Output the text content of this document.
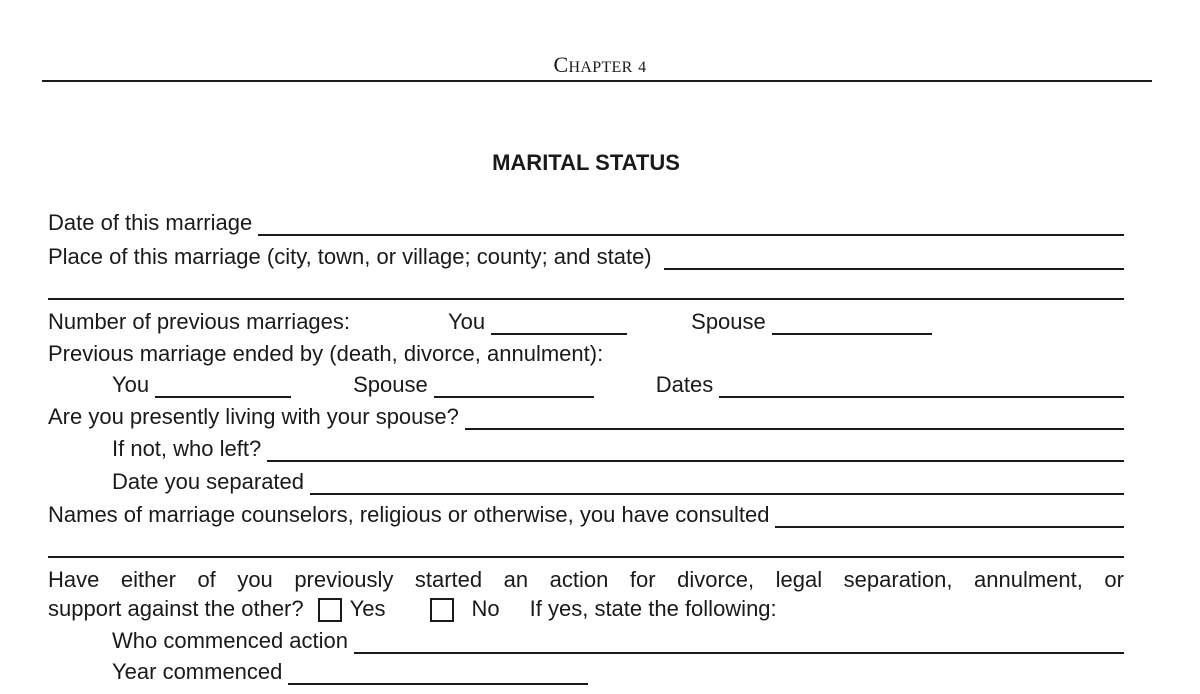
CHAPTER 4
MARITAL STATUS
Date of this marriage
Place of this marriage (city, town, or village; county; and state)
Number of previous marriages:	You	Spouse
Previous marriage ended by (death, divorce, annulment):
You	Spouse	Dates
Are you presently living with your spouse?
If not, who left?
Date you separated
Names of marriage counselors, religious or otherwise, you have consulted
Have either of you previously started an action for divorce, legal separation, annulment, or
support against the other? Yes	No If yes, state the following:
Who commenced action
Year commenced
